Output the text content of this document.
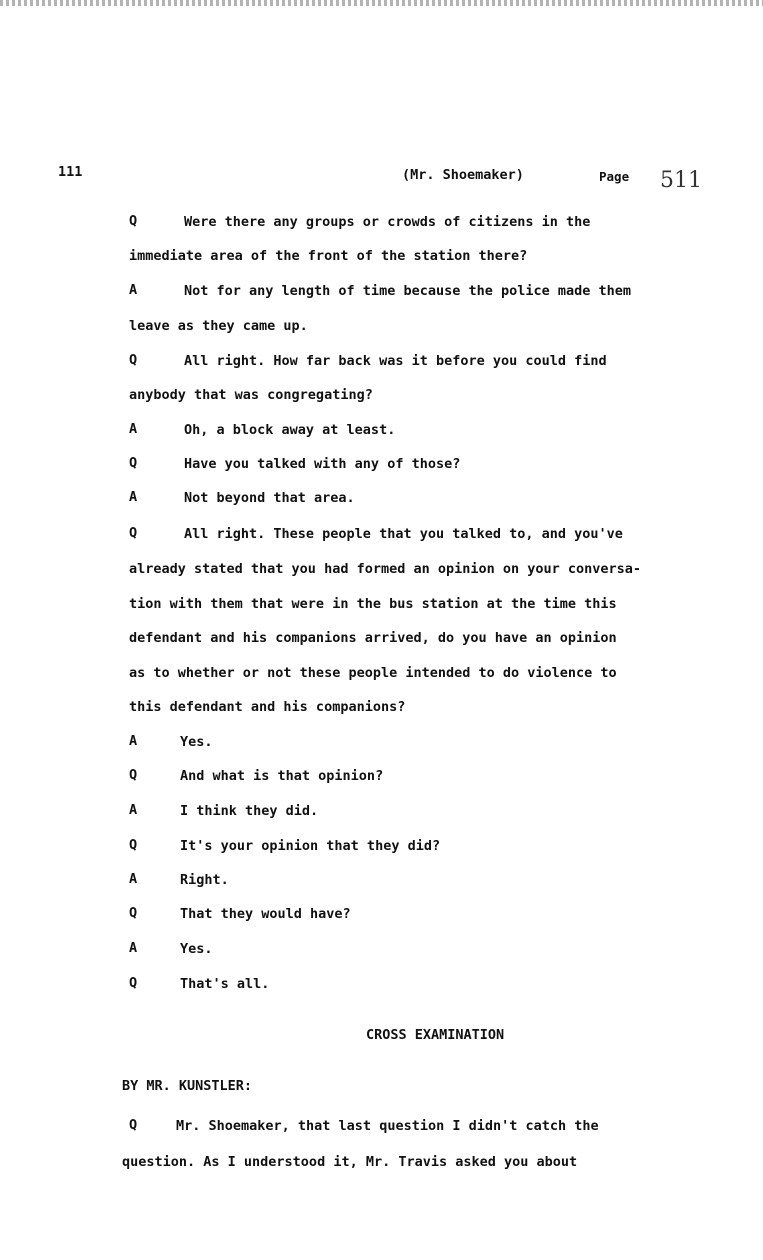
111	(Mr. Shoemaker)	Page 511
Q	Were there any groups or crowds of citizens in the
immediate area of the front of the station there?
A	Not for any length of time because the police made them
leave as they came up.
Q	All right. How far back was it before you could find
anybody that was congregating?
A	Oh, a block away at least.
Q	Have you talked with any of those?
A	Not beyond that area.
Q	All right. These people that you talked to, and you've
already stated that you had formed an opinion on your conversa-
tion with them that were in the bus station at the time this
defendant and his companions arrived, do you have an opinion
as to whether or not these people intended to do violence to
this defendant and his companions?
A	Yes.
Q	And what is that opinion?
A	I think they did.
Q	It's your opinion that they did?
A	Right.
Q	That they would have?
A	Yes.
Q	That's all.
CROSS EXAMINATION
BY MR. KUNSTLER:
Q	Mr. Shoemaker, that last question I didn't catch the
question. As I understood it, Mr. Travis asked you about
